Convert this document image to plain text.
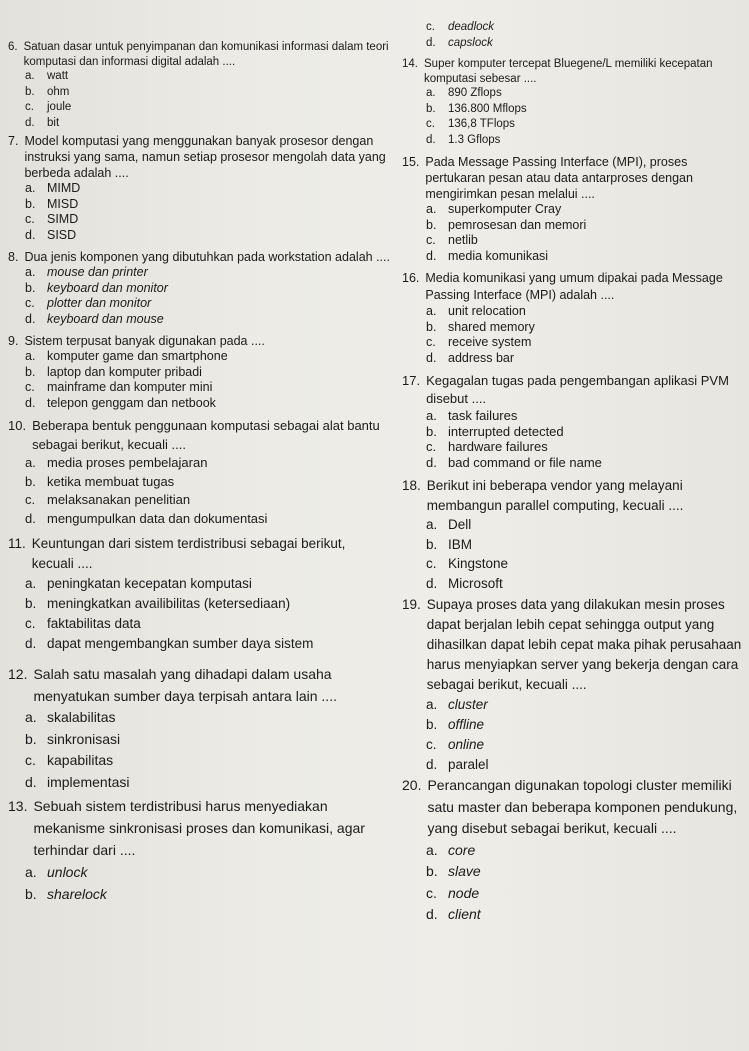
6. Satuan dasar untuk penyimpanan dan komunikasi informasi dalam teori komputasi dan informasi digital adalah ....
a.	watt
b.	ohm
c.	joule
d.	bit
7. Model komputasi yang menggunakan banyak prosesor dengan instruksi yang sama, namun setiap prosesor mengolah data yang berbeda adalah ....
a. MIMD
b. MISD
c. SIMD
d. SISD
8. Dua jenis komponen yang dibutuhkan pada workstation adalah ....
a. mouse dan printer
b. keyboard dan monitor
c. plotter dan monitor
d. keyboard dan mouse
9. Sistem terpusat banyak digunakan pada ....
a. komputer game dan smartphone
b. laptop dan komputer pribadi
c. mainframe dan komputer mini
d. telepon genggam dan netbook
10. Beberapa bentuk penggunaan komputasi sebagai alat bantu sebagai berikut, kecuali ....
a. media proses pembelajaran
b. ketika membuat tugas
c. melaksanakan penelitian
d. mengumpulkan data dan dokumentasi
11. Keuntungan dari sistem terdistribusi sebagai berikut, kecuali ....
a. peningkatan kecepatan komputasi
b. meningkatkan availibilitas (ketersediaan)
c. faktabilitas data
d. dapat mengembangkan sumber daya sistem
12. Salah satu masalah yang dihadapi dalam usaha menyatukan sumber daya terpisah antara lain ....
a. skalabilitas
b. sinkronisasi
c. kapabilitas
d. implementasi
13. Sebuah sistem terdistribusi harus menyediakan mekanisme sinkronisasi proses dan komunikasi, agar terhindar dari ....
a. unlock
b. sharelock
c.	deadlock
d.	capslock
14. Super komputer tercepat Bluegene/L memiliki kecepatan komputasi sebesar ....
a.	890 Zflops
b.	136.800 Mflops
c.	136,8 TFlops
d.	1.3 Gflops
15. Pada Message Passing Interface (MPI), proses pertukaran pesan atau data antarproses dengan mengirimkan pesan melalui ....
a. superkomputer Cray
b. pemrosesan dan memori
c. netlib
d. media komunikasi
16. Media komunikasi yang umum dipakai pada Message Passing Interface (MPI) adalah ....
a. unit relocation
b. shared memory
c. receive system
d. address bar
17. Kegagalan tugas pada pengembangan aplikasi PVM disebut ....
a. task failures
b. interrupted detected
c. hardware failures
d. bad command or file name
18. Berikut ini beberapa vendor yang melayani membangun parallel computing, kecuali ....
a. Dell
b. IBM
c. Kingstone
d. Microsoft
19. Supaya proses data yang dilakukan mesin proses dapat berjalan lebih cepat sehingga output yang dihasilkan dapat lebih cepat maka pihak perusahaan harus menyiapkan server yang bekerja dengan cara sebagai berikut, kecuali ....
a. cluster
b. offline
c. online
d. paralel
20. Perancangan digunakan topologi cluster memiliki satu master dan beberapa komponen pendukung, yang disebut sebagai berikut, kecuali ....
a. core
b. slave
c. node
d. client
